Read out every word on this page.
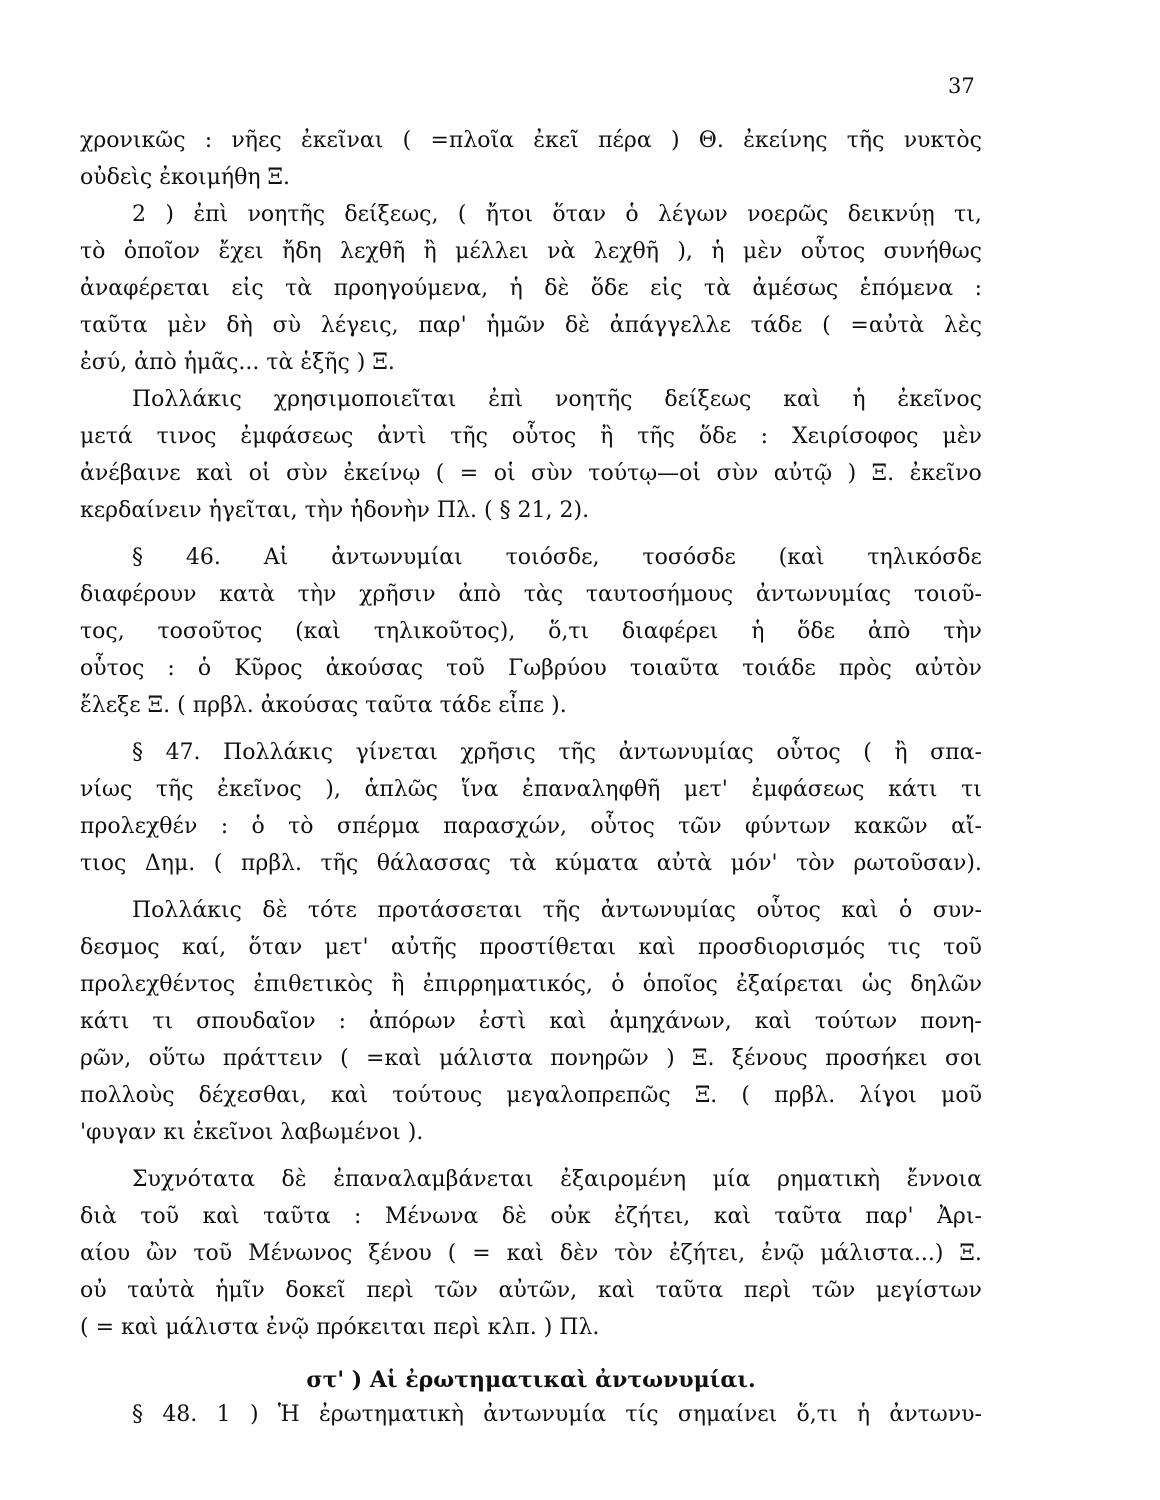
37
χρονικῶς : νῆες ἐκεῖναι ( =πλοῖα ἐκεῖ πέρα ) Θ. ἐκείνης τῆς νυκτὸς
οὐδεὶς ἐκοιμήθη Ξ.
2 ) ἐπὶ νοητῆς δείξεως, ( ἤτοι ὅταν ὁ λέγων νοερῶς δεικνύῃ τι,
τὸ ὁποῖον ἔχει ἤδη λεχθῆ ἢ μέλλει νὰ λεχθῆ ), ἡ μὲν οὗτος συνήθως
ἀναφέρεται εἰς τὰ προηγούμενα, ἡ δὲ ὅδε εἰς τὰ ἀμέσως ἑπόμενα :
ταῦτα μὲν δὴ σὺ λέγεις, παρ' ἡμῶν δὲ ἀπάγγελλε τάδε ( =αὐτὰ λὲς
ἐσύ, ἀπὸ ἡμᾶς... τὰ ἑξῆς ) Ξ.
Πολλάκις χρησιμοποιεῖται ἐπὶ νοητῆς δείξεως καὶ ἡ ἐκεῖνος
μετά τινος ἐμφάσεως ἀντὶ τῆς οὗτος ἢ τῆς ὅδε : Χειρίσοφος μὲν
ἀνέβαινε καὶ οἱ σὺν ἐκείνῳ ( = οἱ σὺν τούτῳ—οἱ σὺν αὐτῷ ) Ξ. ἐκεῖνο
κερδαίνειν ἡγεῖται, τὴν ἡδονὴν Πλ. ( § 21, 2).
§ 46. Αἱ ἀντωνυμίαι τοιόσδε, τοσόσδε (καὶ τηλικόσδε
διαφέρουν κατὰ τὴν χρῆσιν ἀπὸ τὰς ταυτοσήμους ἀντωνυμίας τοιοῦ-
τος, τοσοῦτος (καὶ τηλικοῦτος), ὅ,τι διαφέρει ἡ ὅδε ἀπὸ τὴν
οὗτος : ὁ Κῦρος ἀκούσας τοῦ Γωβρύου τοιαῦτα τοιάδε πρὸς αὐτὸν
ἔλεξε Ξ. ( πρβλ. ἀκούσας ταῦτα τάδε εἶπε ).
§ 47. Πολλάκις γίνεται χρῆσις τῆς ἀντωνυμίας οὗτος ( ἢ σπα-
νίως τῆς ἐκεῖνος ), ἁπλῶς ἵνα ἐπαναληφθῆ μετ' ἐμφάσεως κάτι τι
προλεχθέν : ὁ τὸ σπέρμα παρασχών, οὗτος τῶν φύντων κακῶν αἴ-
τιος Δημ. ( πρβλ. τῆς θάλασσας τὰ κύματα αὐτὰ μόν' τὸν ρωτοῦσαν).
Πολλάκις δὲ τότε προτάσσεται τῆς ἀντωνυμίας οὗτος καὶ ὁ συν-
δεσμος καί, ὅταν μετ' αὐτῆς προστίθεται καὶ προσδιορισμός τις τοῦ
προλεχθέντος ἐπιθετικὸς ἢ ἐπιρρηματικός, ὁ ὁποῖος ἐξαίρεται ὡς δηλῶν
κάτι τι σπουδαῖον : ἀπόρων ἐστὶ καὶ ἀμηχάνων, καὶ τούτων πονη-
ρῶν, οὕτω πράττειν ( =καὶ μάλιστα πονηρῶν ) Ξ. ξένους προσήκει σοι
πολλοὺς δέχεσθαι, καὶ τούτους μεγαλοπρεπῶς Ξ. ( πρβλ. λίγοι μοῦ
'φυγαν κι ἐκεῖνοι λαβωμένοι ).
Συχνότατα δὲ ἐπαναλαμβάνεται ἐξαιρομένη μία ρηματικὴ ἔννοια
διὰ τοῦ καὶ ταῦτα : Μένωνα δὲ οὐκ ἐζήτει, καὶ ταῦτα παρ' Ἀρι-
αίου ὢν τοῦ Μένωνος ξένου ( = καὶ δὲν τὸν ἐζήτει, ἐνῷ μάλιστα...) Ξ.
οὐ ταὐτὰ ἡμῖν δοκεῖ περὶ τῶν αὐτῶν, καὶ ταῦτα περὶ τῶν μεγίστων
( = καὶ μάλιστα ἐνῷ πρόκειται περὶ κλπ. ) Πλ.
στ' ) Αἱ ἐρωτηματικαὶ ἀντωνυμίαι.
§ 48. 1 ) Ἡ ἐρωτηματικὴ ἀντωνυμία τίς σημαίνει ὅ,τι ἡ ἀντωνυ-
